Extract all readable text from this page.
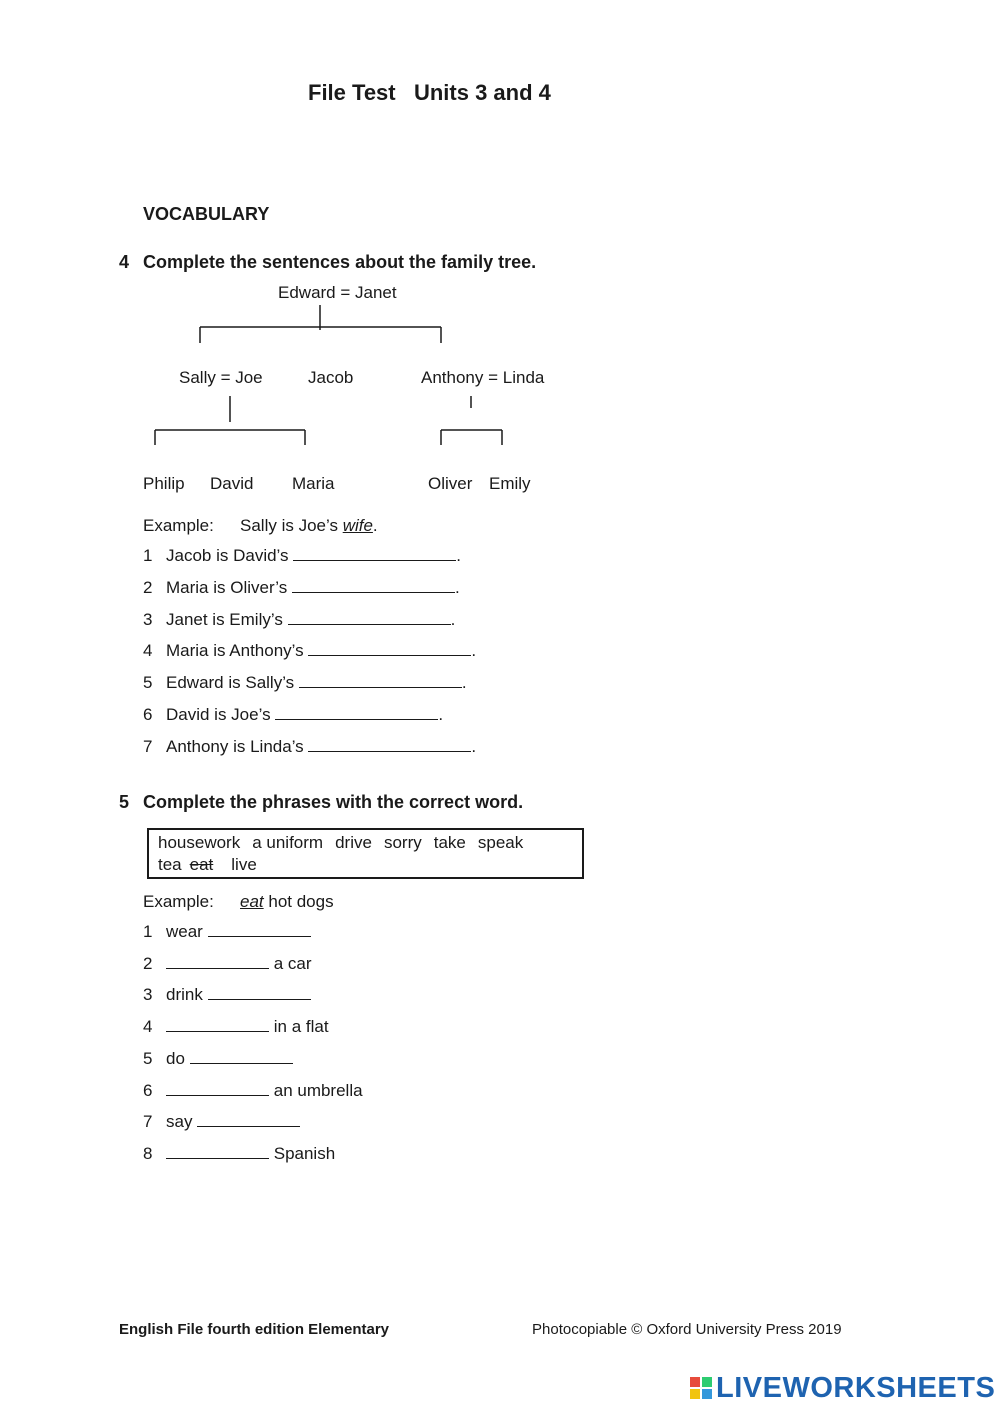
File Test   Units 3 and 4
VOCABULARY
4 Complete the sentences about the family tree.
Edward = Janet
Sally = Joe	Jacob	Anthony = Linda
Philip David Maria	Oliver Emily
Example: Sally is Joe’s wife.
1 Jacob is David’s	.
2 Maria is Oliver’s	.
3 Janet is Emily’s	.
4 Maria is Anthony’s	.
5 Edward is Sally’s	.
6 David is Joe’s	.
7 Anthony is Linda’s	.
5 Complete the phrases with the correct word.
housework a uniform drive sorry take speak
tea eat live
Example: eat hot dogs
1 wear
2	a car
3 drink
4	in a flat
5 do
6	an umbrella
7 say
8	Spanish
English File fourth edition Elementary	Photocopiable © Oxford University Press 2019
LIVEWORKSHEETS
